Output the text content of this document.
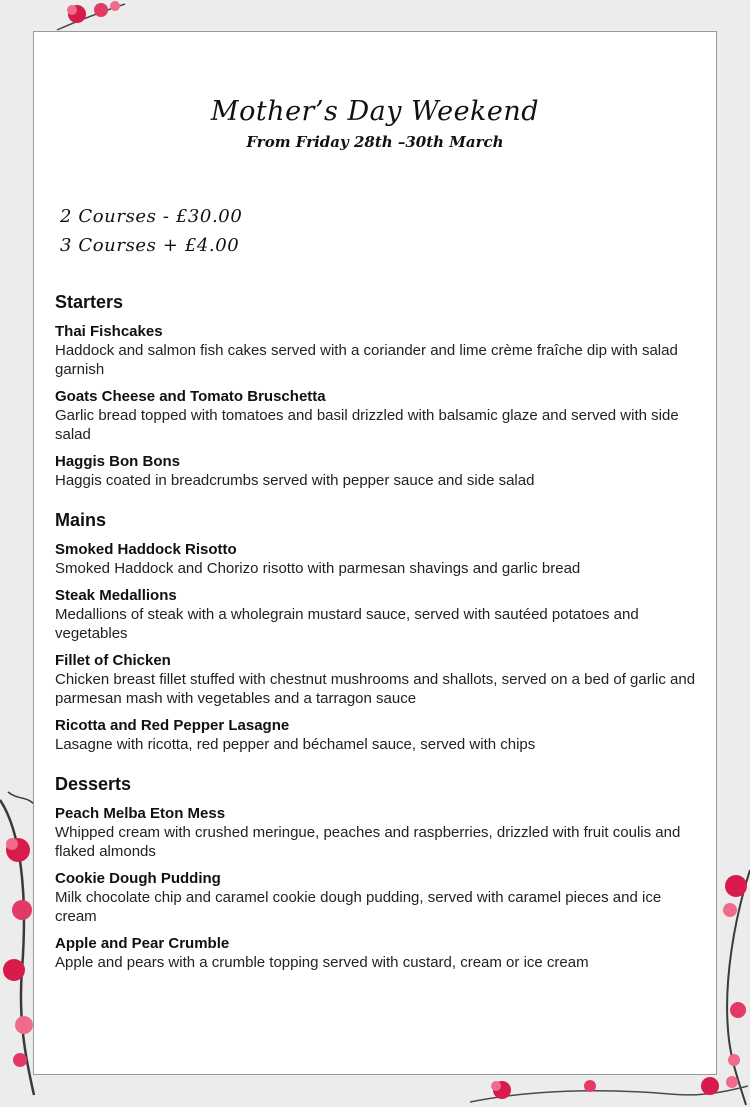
Mother’s Day Weekend
From Friday 28th –30th March
2 Courses - £30.00
3 Courses + £4.00
Starters
Thai Fishcakes
Haddock and salmon fish cakes served with a coriander and lime crème fraîche dip with salad garnish
Goats Cheese and Tomato Bruschetta
Garlic bread topped with tomatoes and basil drizzled with balsamic glaze and served with side salad
Haggis Bon Bons
Haggis coated in breadcrumbs served with pepper sauce and side salad
Mains
Smoked Haddock Risotto
Smoked Haddock and Chorizo risotto with parmesan shavings and garlic bread
Steak Medallions
Medallions of steak with a wholegrain mustard sauce, served with sautéed potatoes and vegetables
Fillet of Chicken
Chicken breast fillet stuffed with chestnut mushrooms and shallots, served on a bed of garlic and parmesan mash with vegetables and a tarragon sauce
Ricotta and Red Pepper Lasagne
Lasagne with ricotta, red pepper and béchamel sauce, served with chips
Desserts
Peach Melba Eton Mess
Whipped cream with crushed meringue, peaches and raspberries, drizzled with fruit coulis and flaked almonds
Cookie Dough Pudding
Milk chocolate chip and caramel cookie dough pudding, served with caramel pieces and ice cream
Apple and Pear Crumble
Apple and pears with a crumble topping served with custard, cream or ice cream
